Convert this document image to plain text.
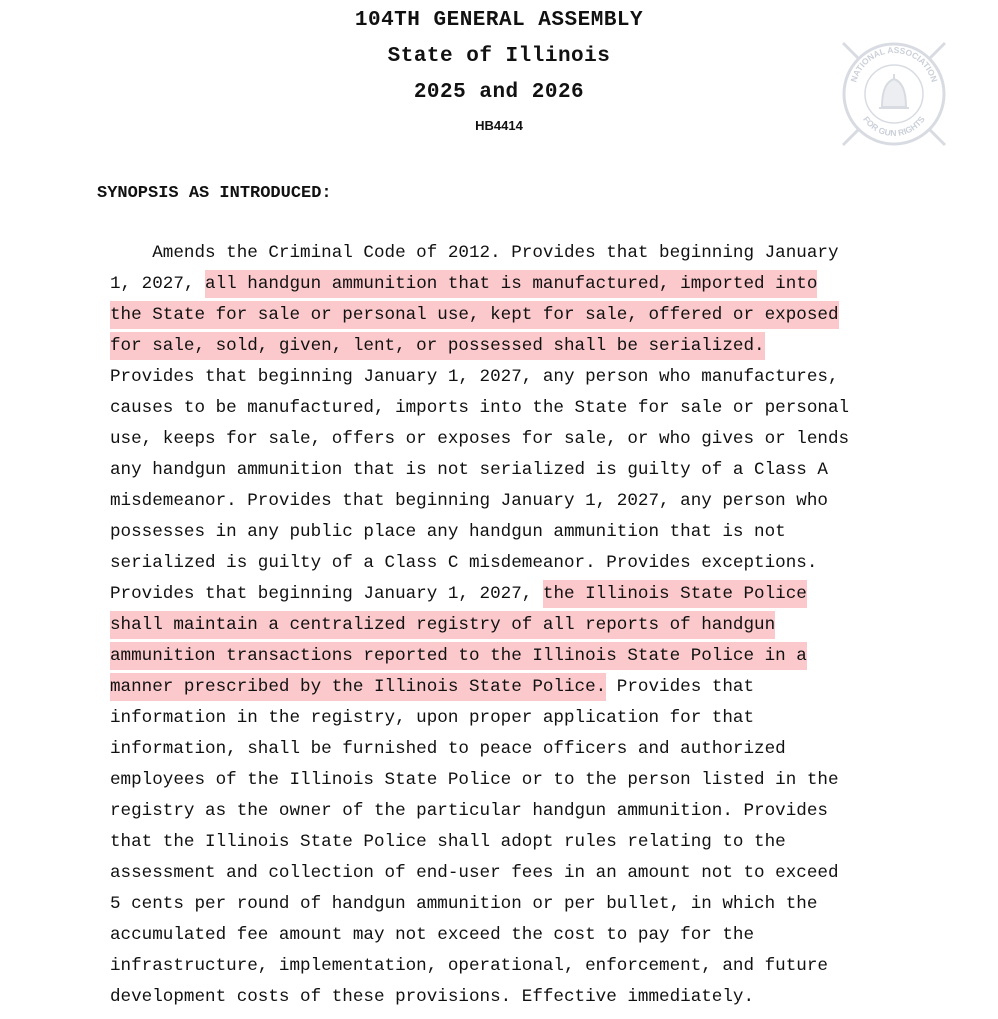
104TH GENERAL ASSEMBLY
State of Illinois
2025 and 2026
HB4414
NATIONAL ASSOCIATION
FOR GUN RIGHTS
SYNOPSIS AS INTRODUCED:
Amends the Criminal Code of 2012. Provides that beginning January
1, 2027, all handgun ammunition that is manufactured, imported into
the State for sale or personal use, kept for sale, offered or exposed
for sale, sold, given, lent, or possessed shall be serialized.
Provides that beginning January 1, 2027, any person who manufactures,
causes to be manufactured, imports into the State for sale or personal
use, keeps for sale, offers or exposes for sale, or who gives or lends
any handgun ammunition that is not serialized is guilty of a Class A
misdemeanor. Provides that beginning January 1, 2027, any person who
possesses in any public place any handgun ammunition that is not
serialized is guilty of a Class C misdemeanor. Provides exceptions.
Provides that beginning January 1, 2027, the Illinois State Police
shall maintain a centralized registry of all reports of handgun
ammunition transactions reported to the Illinois State Police in a
manner prescribed by the Illinois State Police. Provides that
information in the registry, upon proper application for that
information, shall be furnished to peace officers and authorized
employees of the Illinois State Police or to the person listed in the
registry as the owner of the particular handgun ammunition. Provides
that the Illinois State Police shall adopt rules relating to the
assessment and collection of end-user fees in an amount not to exceed
5 cents per round of handgun ammunition or per bullet, in which the
accumulated fee amount may not exceed the cost to pay for the
infrastructure, implementation, operational, enforcement, and future
development costs of these provisions. Effective immediately.
